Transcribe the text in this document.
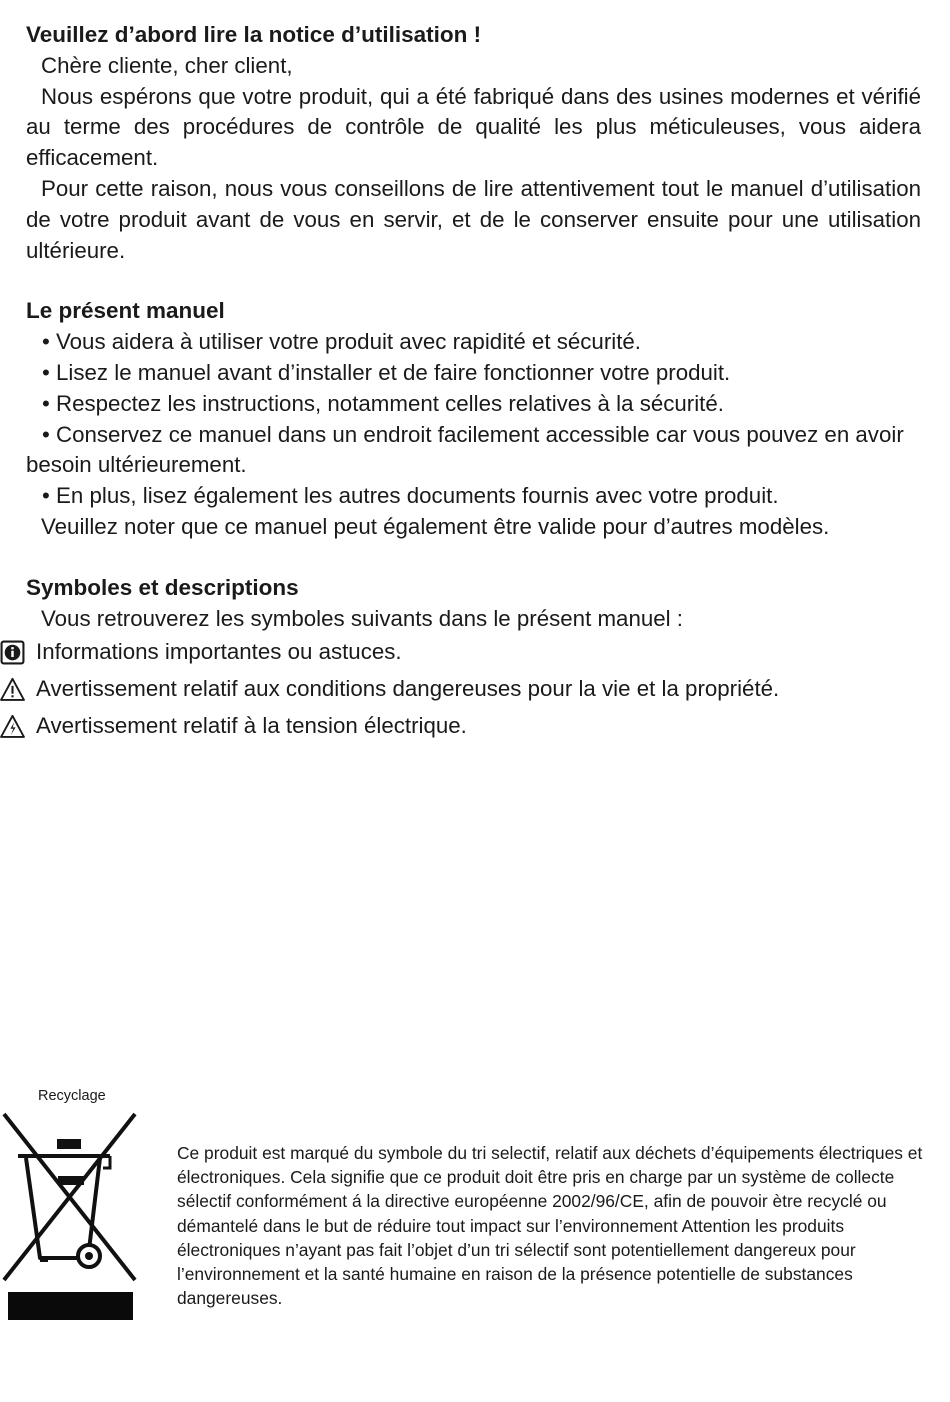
Veuillez d’abord lire la notice d’utilisation !

Chère cliente, cher client,

Nous espérons que votre produit, qui a été fabriqué dans des usines modernes et vérifié au terme des procédures de contrôle de qualité les plus méticuleuses, vous aidera efficacement.

Pour cette raison, nous vous conseillons de lire attentivement tout le manuel d’utilisation de votre produit avant de vous en servir, et de le conserver ensuite pour une utilisation ultérieure.

Le présent manuel

• Vous aidera à utiliser votre produit avec rapidité et sécurité.

• Lisez le manuel avant d’installer et de faire fonctionner votre produit.

• Respectez les instructions, notamment celles relatives à la sécurité.

• Conservez ce manuel dans un endroit facilement accessible car vous pouvez en avoir besoin ultérieurement.

• En plus, lisez également les autres documents fournis avec votre produit.

Veuillez noter que ce manuel peut également être valide pour d’autres modèles.

Symboles et descriptions

Vous retrouverez les symboles suivants dans le présent manuel :

Informations importantes ou astuces.
Avertissement relatif aux conditions dangereuses pour la vie et la propriété.
Avertissement relatif à la tension électrique.
Recyclage
Ce produit est marqué du symbole du tri selectif, relatif aux déchets d’équipements électriques et électroniques. Cela signifie que ce produit doit être pris en charge par un système de collecte sélectif conformément á la directive européenne 2002/96/CE, afin de pouvoir ètre recyclé ou démantelé dans le but de réduire tout impact sur l’environnement Attention les produits électroniques n’ayant pas fait l’objet d’un tri sélectif sont potentiellement dangereux pour l’environnement et la santé humaine en raison de la présence potentielle de substances dangereuses.
